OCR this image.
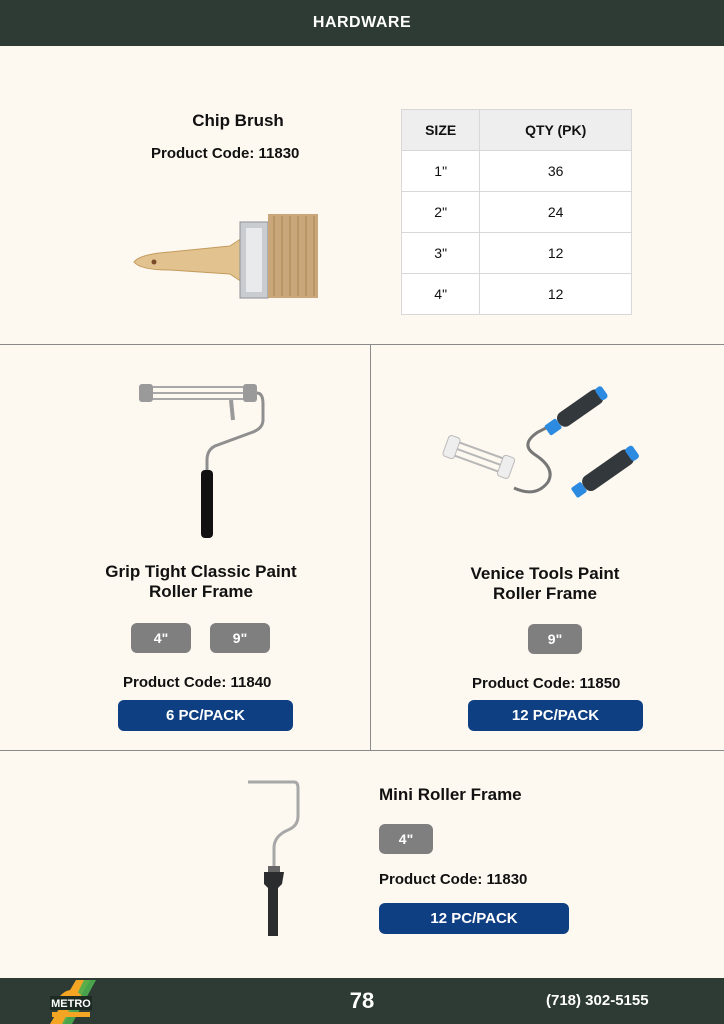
HARDWARE
Chip Brush
Product Code: 11830
SIZE	QTY (PK)
1"	36
2"	24
3"	12
4"	12
Grip Tight Classic Paint
Roller Frame
4"	9"
Product Code: 11840
6 PC/PACK
Venice Tools Paint
Roller Frame
9"
Product Code: 11850
12 PC/PACK
Mini Roller Frame
4"
Product Code: 11830
12 PC/PACK
METRO	78	(718) 302-5155
